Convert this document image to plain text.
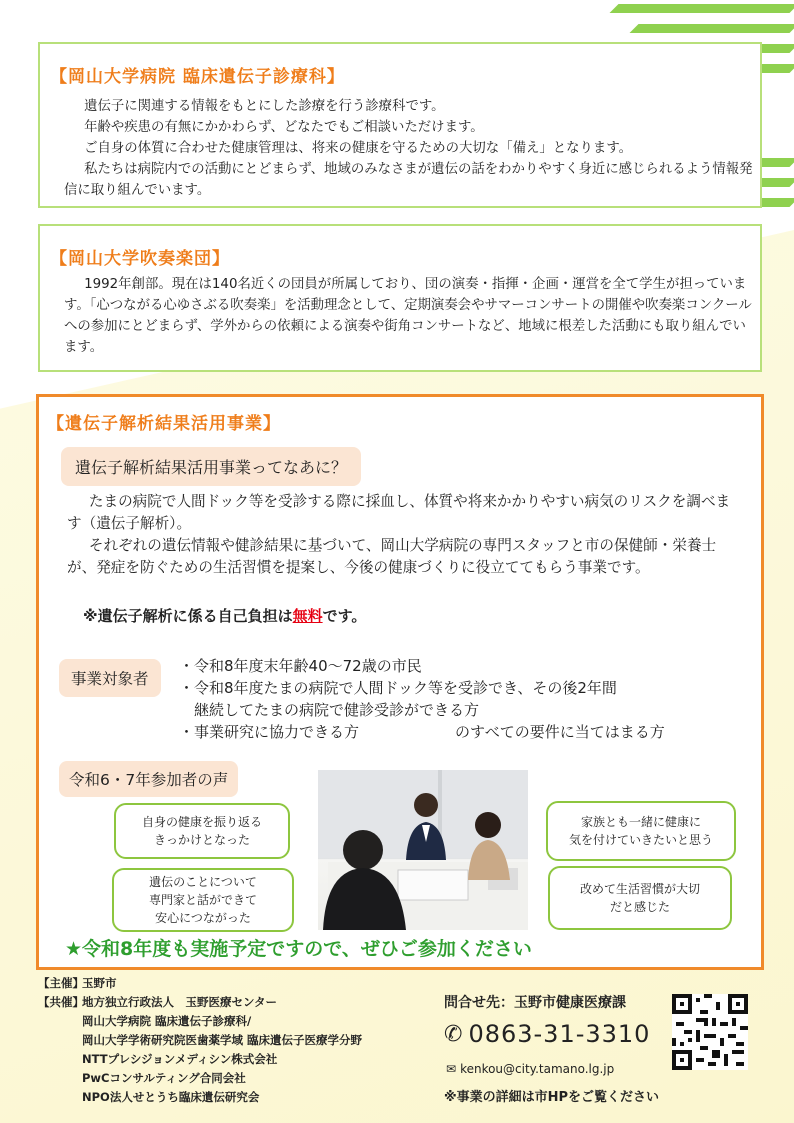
【岡山大学病院 臨床遺伝子診療科】

遺伝子に関連する情報をもとにした診療を行う診療科です。

年齢や疾患の有無にかかわらず、どなたでもご相談いただけます。

ご自身の体質に合わせた健康管理は、将来の健康を守るための大切な「備え」となります。

私たちは病院内での活動にとどまらず、地域のみなさまが遺伝の話をわかりやすく身近に感じられるよう情報発信に取り組んでいます。

【岡山大学吹奏楽団】

1992年創部。現在は140名近くの団員が所属しており、団の演奏・指揮・企画・運営を全て学生が担っています。「心つながる心ゆさぶる吹奏楽」を活動理念として、定期演奏会やサマーコンサートの開催や吹奏楽コンクールへの参加にとどまらず、学外からの依頼による演奏や街角コンサートなど、地域に根差した活動にも取り組んでいます。

【遺伝子解析結果活用事業】
遺伝子解析結果活用事業ってなあに？
たまの病院で人間ドック等を受診する際に採血し、体質や将来かかりやすい病気のリスクを調べます（遺伝子解析）。
それぞれの遺伝情報や健診結果に基づいて、岡山大学病院の専門スタッフと市の保健師・栄養士が、発症を防ぐための生活習慣を提案し、今後の健康づくりに役立ててもらう事業です。
※遺伝子解析に係る自己負担は無料です。
事業対象者
・令和8年度末年齢40～72歳の市民
・令和8年度たまの病院で人間ドック等を受診でき、その後2年間
　継続してたまの病院で健診受診ができる方
・事業研究に協力できる方	のすべての要件に当てはまる方
令和6・7年参加者の声
★令和8年度も実施予定ですので、ぜひご参加ください
自身の健康を振り返る
きっかけとなった
遺伝のことについて
専門家と話ができて
安心につながった
家族とも一緒に健康に
気を付けていきたいと思う
改めて生活習慣が大切
だと感じた
【主催】
玉野市
【共催】
地方独立行政法人　玉野医療センター
岡山大学病院 臨床遺伝子診療科/
岡山大学学術研究院医歯薬学域 臨床遺伝子医療学分野
NTTプレシジョンメディシン株式会社
PwCコンサルティング合同会社
NPO法人せとうち臨床遺伝研究会
問合せ先：玉野市健康医療課
✆ 0863-31-3310
✉ kenkou@city.tamano.lg.jp
※事業の詳細は市HPをご覧ください
